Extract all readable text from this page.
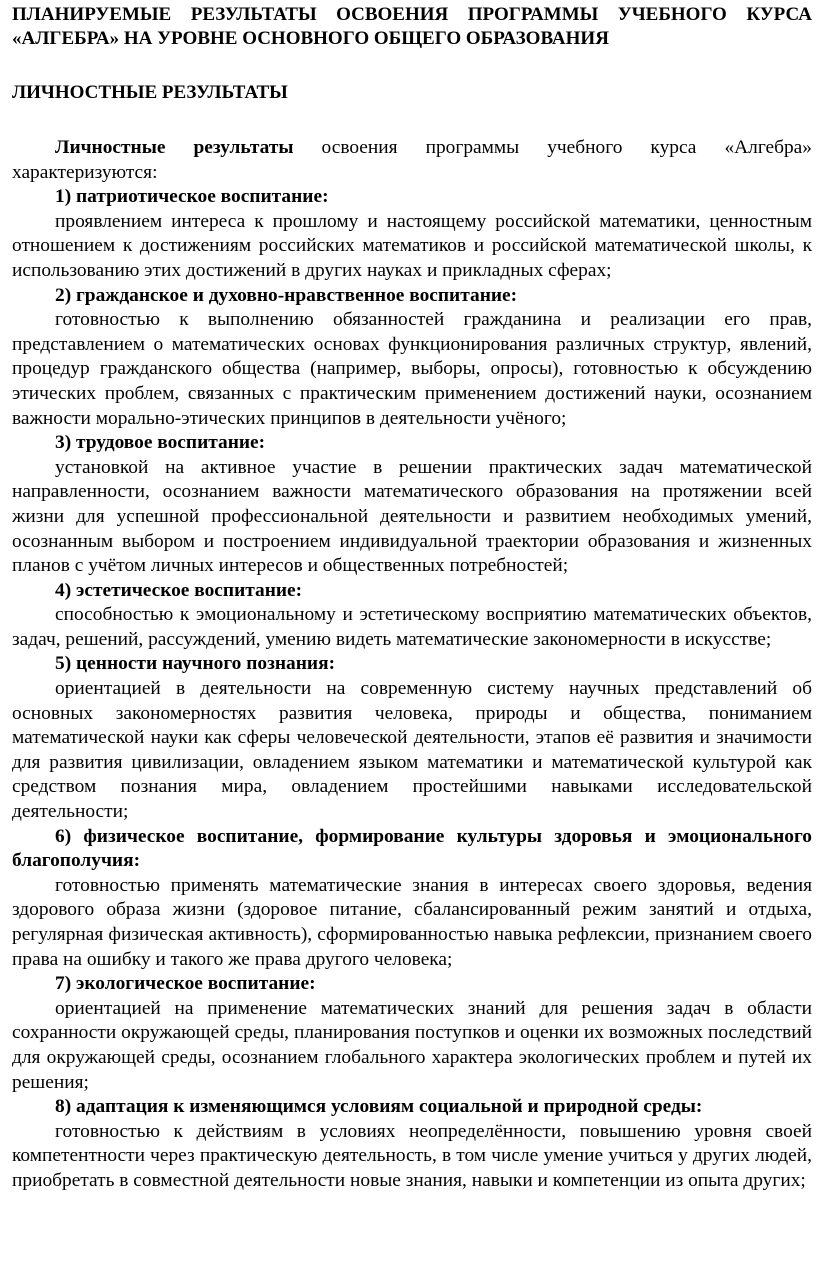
ПЛАНИРУЕМЫЕ РЕЗУЛЬТАТЫ ОСВОЕНИЯ ПРОГРАММЫ УЧЕБНОГО КУРСА «АЛГЕБРА» НА УРОВНЕ ОСНОВНОГО ОБЩЕГО ОБРАЗОВАНИЯ
ЛИЧНОСТНЫЕ РЕЗУЛЬТАТЫ

Личностные результаты освоения программы учебного курса «Алгебра» характеризуются:

1) патриотическое воспитание:

проявлением интереса к прошлому и настоящему российской математики, ценностным отношением к достижениям российских математиков и российской математической школы, к использованию этих достижений в других науках и прикладных сферах;

2) гражданское и духовно-нравственное воспитание:

готовностью к выполнению обязанностей гражданина и реализации его прав, представлением о математических основах функционирования различных структур, явлений, процедур гражданского общества (например, выборы, опросы), готовностью к обсуждению этических проблем, связанных с практическим применением достижений науки, осознанием важности морально-этических принципов в деятельности учёного;

3) трудовое воспитание:

установкой на активное участие в решении практических задач математической направленности, осознанием важности математического образования на протяжении всей жизни для успешной профессиональной деятельности и развитием необходимых умений, осознанным выбором и построением индивидуальной траектории образования и жизненных планов с учётом личных интересов и общественных потребностей;

4) эстетическое воспитание:

способностью к эмоциональному и эстетическому восприятию математических объектов, задач, решений, рассуждений, умению видеть математические закономерности в искусстве;

5) ценности научного познания:

ориентацией в деятельности на современную систему научных представлений об основных закономерностях развития человека, природы и общества, пониманием математической науки как сферы человеческой деятельности, этапов её развития и значимости для развития цивилизации, овладением языком математики и математической культурой как средством познания мира, овладением простейшими навыками исследовательской деятельности;

6) физическое воспитание, формирование культуры здоровья и эмоционального благополучия:

готовностью применять математические знания в интересах своего здоровья, ведения здорового образа жизни (здоровое питание, сбалансированный режим занятий и отдыха, регулярная физическая активность), сформированностью навыка рефлексии, признанием своего права на ошибку и такого же права другого человека;

7) экологическое воспитание:

ориентацией на применение математических знаний для решения задач в области сохранности окружающей среды, планирования поступков и оценки их возможных последствий для окружающей среды, осознанием глобального характера экологических проблем и путей их решения;

8) адаптация к изменяющимся условиям социальной и природной среды:

готовностью к действиям в условиях неопределённости, повышению уровня своей компетентности через практическую деятельность, в том числе умение учиться у других людей, приобретать в совместной деятельности новые знания, навыки и компетенции из опыта других;
